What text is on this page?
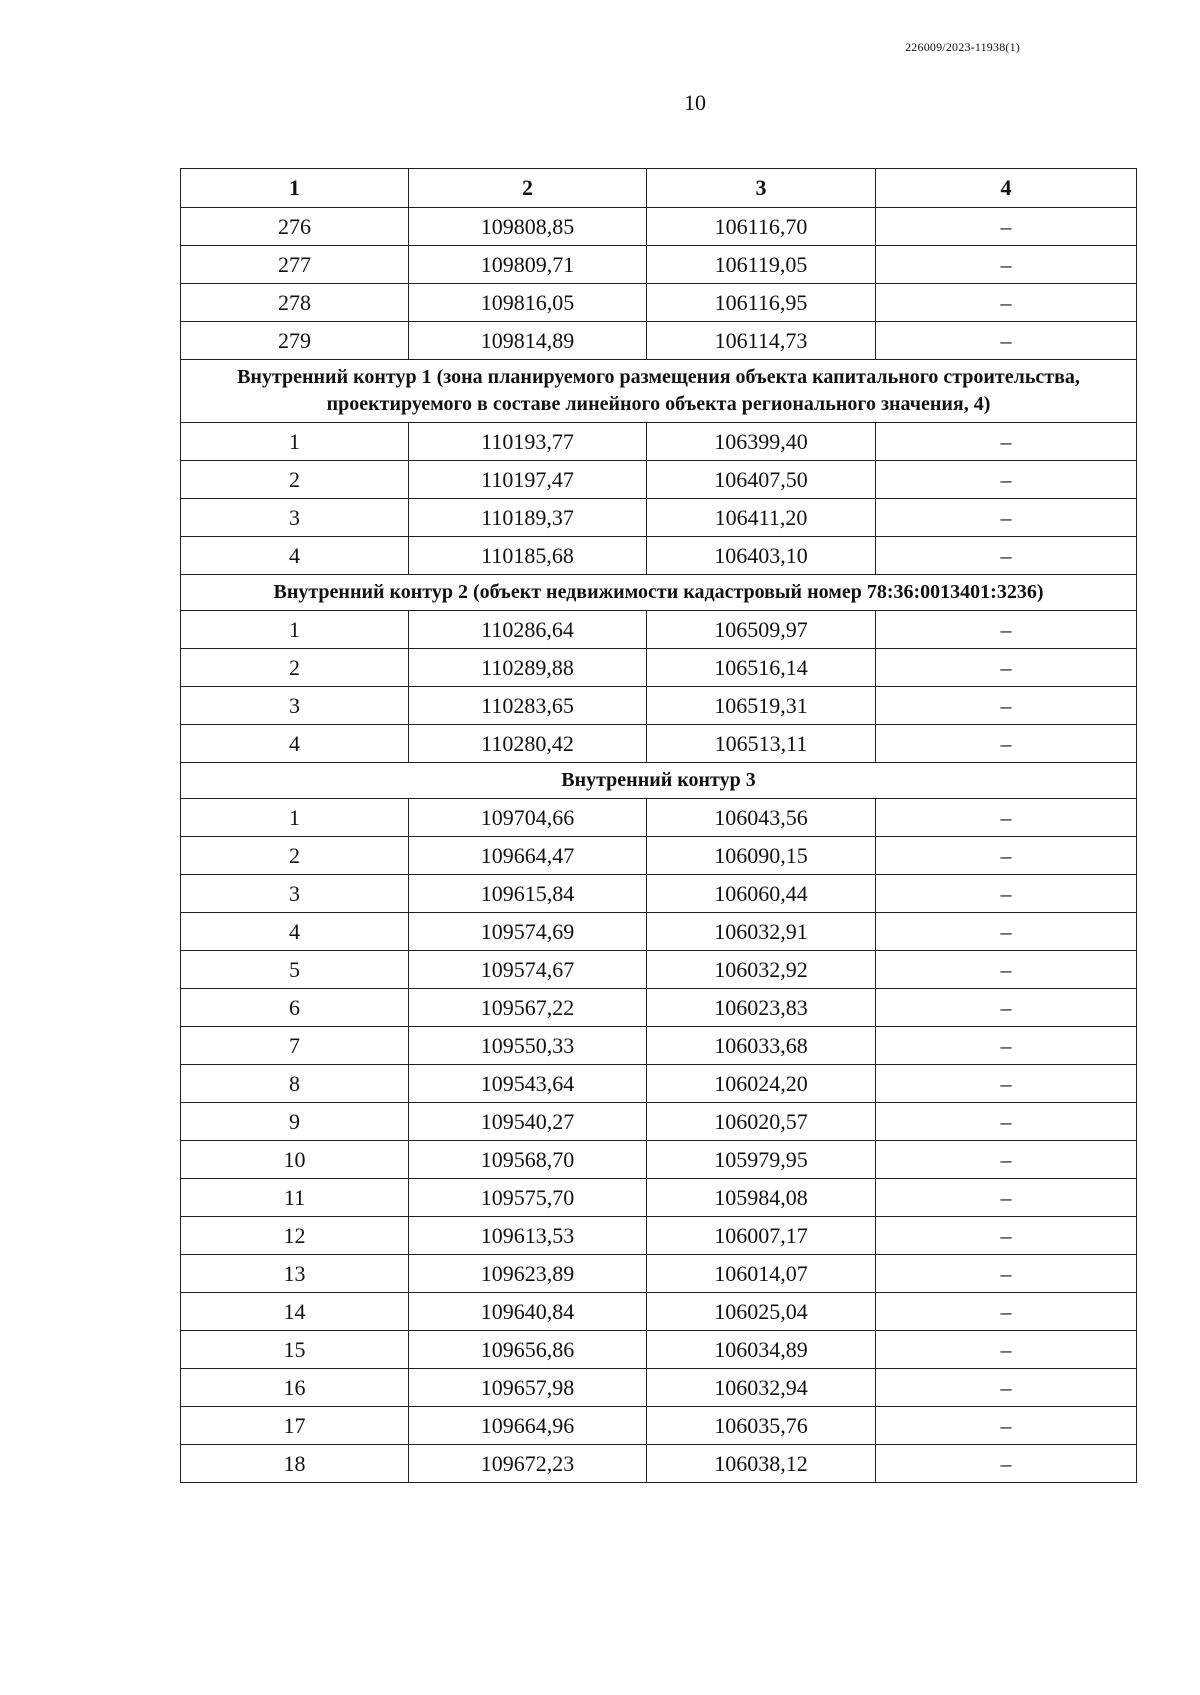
226009/2023-11938(1)
10
1	2	3	4
276	109808,85	106116,70	–
277	109809,71	106119,05	–
278	109816,05	106116,95	–
279	109814,89	106114,73	–
Внутренний контур 1 (зона планируемого размещения объекта капитального строительства, проектируемого в составе линейного объекта регионального значения, 4)			
1	110193,77	106399,40	–
2	110197,47	106407,50	–
3	110189,37	106411,20	–
4	110185,68	106403,10	–
Внутренний контур 2 (объект недвижимости кадастровый номер 78:36:0013401:3236)			
1	110286,64	106509,97	–
2	110289,88	106516,14	–
3	110283,65	106519,31	–
4	110280,42	106513,11	–
Внутренний контур 3			
1	109704,66	106043,56	–
2	109664,47	106090,15	–
3	109615,84	106060,44	–
4	109574,69	106032,91	–
5	109574,67	106032,92	–
6	109567,22	106023,83	–
7	109550,33	106033,68	–
8	109543,64	106024,20	–
9	109540,27	106020,57	–
10	109568,70	105979,95	–
11	109575,70	105984,08	–
12	109613,53	106007,17	–
13	109623,89	106014,07	–
14	109640,84	106025,04	–
15	109656,86	106034,89	–
16	109657,98	106032,94	–
17	109664,96	106035,76	–
18	109672,23	106038,12	–
